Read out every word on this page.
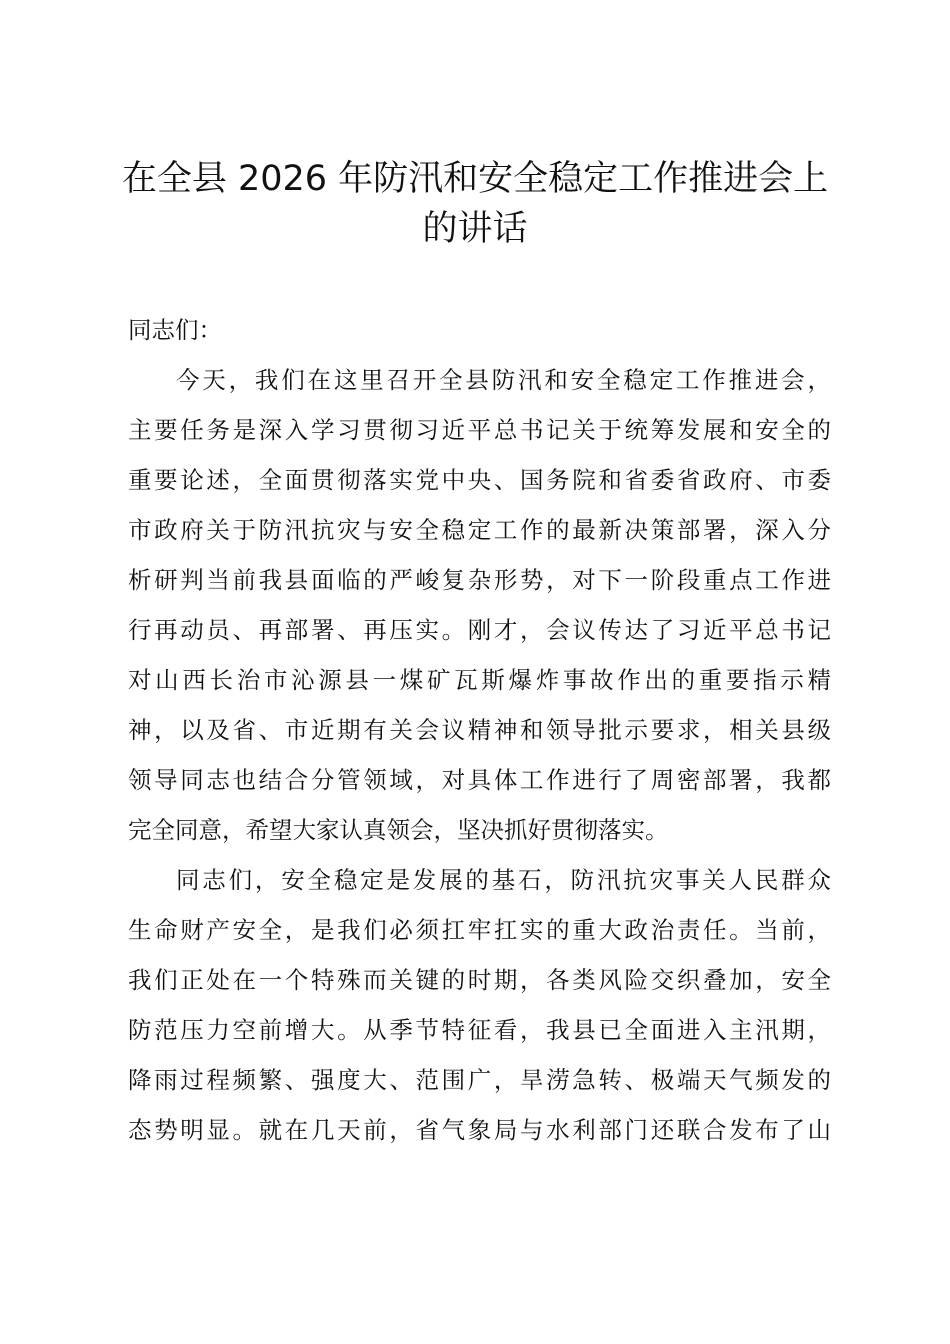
在全县 2026 年防汛和安全稳定工作推进会上
的讲话

同志们：

今天，我们在这里召开全县防汛和安全稳定工作推进会，

主要任务是深入学习贯彻习近平总书记关于统筹发展和安全的

重要论述，全面贯彻落实党中央、国务院和省委省政府、市委

市政府关于防汛抗灾与安全稳定工作的最新决策部署，深入分

析研判当前我县面临的严峻复杂形势，对下一阶段重点工作进

行再动员、再部署、再压实。刚才，会议传达了习近平总书记

对山西长治市沁源县一煤矿瓦斯爆炸事故作出的重要指示精

神，以及省、市近期有关会议精神和领导批示要求，相关县级

领导同志也结合分管领域，对具体工作进行了周密部署，我都

完全同意，希望大家认真领会，坚决抓好贯彻落实。

同志们，安全稳定是发展的基石，防汛抗灾事关人民群众

生命财产安全，是我们必须扛牢扛实的重大政治责任。当前，

我们正处在一个特殊而关键的时期，各类风险交织叠加，安全

防范压力空前增大。从季节特征看，我县已全面进入主汛期，

降雨过程频繁、强度大、范围广，旱涝急转、极端天气频发的

态势明显。就在几天前，省气象局与水利部门还联合发布了山
